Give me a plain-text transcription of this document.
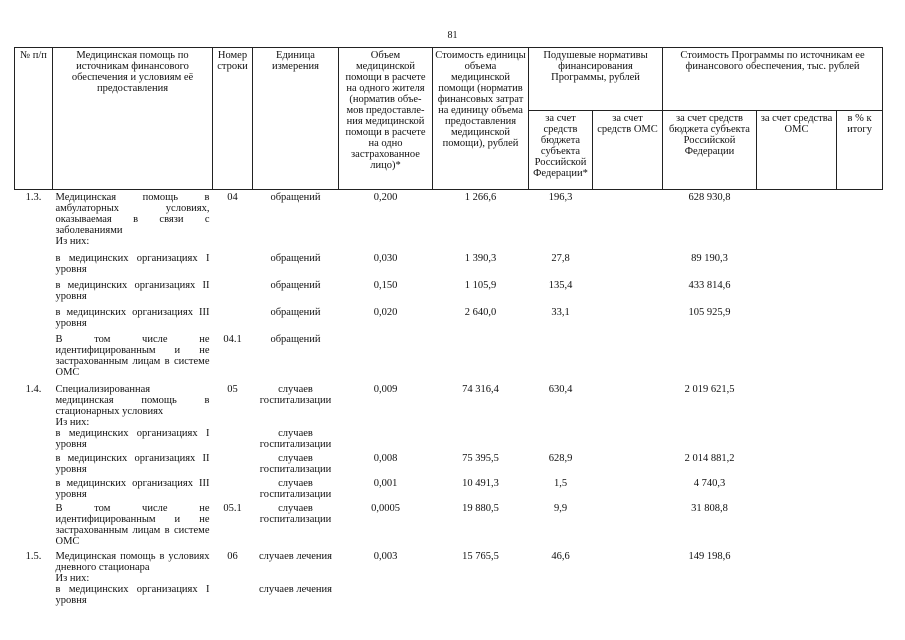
81
№ п/п	Медицинская помощь по источникам финансового обеспечения и условиям её предоставления	Номер строки	Единица измерения	Объем медицинской помощи в расчете на одного жителя (норматив объе- мов предоставле- ния медицинской помощи в расчете на одно застрахованное лицо)*	Стоимость единицы объема медицинской помощи (норматив финансовых затрат на единицу объема предоставления медицинской помощи), рублей	Подушевые нормативы финансирования Программы, рублей		Стоимость Программы по источникам ее финансового обеспечения, тыс. рублей		
						за счет средств бюджета субъекта Российской Федерации*	за счет средств ОМС	за счет средств бюджета субъекта Российской Федерации	за счет средства ОМС	в % к итогу
1.3.	Медицинская помощь в амбулаторных условиях, оказываемая в связи с заболеваниями	04	обращений	0,200	1 266,6	196,3		628 930,8		
	Из них:									
	в медицинских организациях I уровня		обращений	0,030	1 390,3	27,8		89 190,3		
	в медицинских организациях II уровня		обращений	0,150	1 105,9	135,4		433 814,6		
	в медицинских организациях III уровня		обращений	0,020	2 640,0	33,1		105 925,9		
	В том числе не идентифицированным и не застрахованным лицам в системе ОМС	04.1	обращений							
1.4.	Специализированная медицинская помощь в стационарных условиях	05	случаев госпитализации	0,009	74 316,4	630,4		2 019 621,5		
	Из них:									
	в медицинских организациях I уровня		случаев госпитализации							
	в медицинских организациях II уровня		случаев госпитализации	0,008	75 395,5	628,9		2 014 881,2		
	в медицинских организациях III уровня		случаев госпитализации	0,001	10 491,3	1,5		4 740,3		
	В том числе не идентифицированным и не застрахованным лицам в системе ОМС	05.1	случаев госпитализации	0,0005	19 880,5	9,9		31 808,8		
1.5.	Медицинская помощь в условиях дневного стационара	06	случаев лечения	0,003	15 765,5	46,6		149 198,6		
	Из них:									
	в медицинских организациях I уровня		случаев лечения							
